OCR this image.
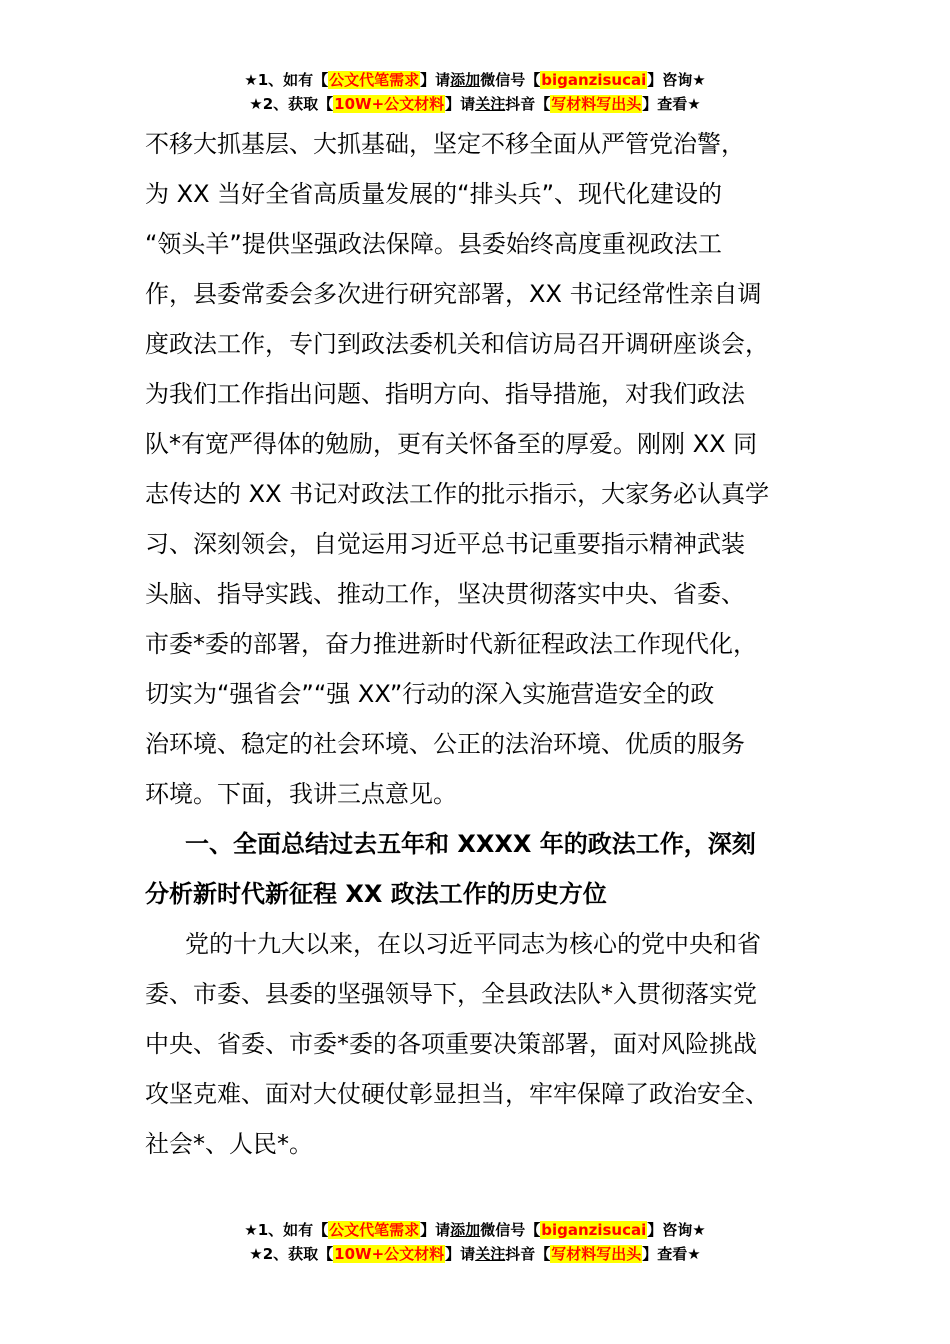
★1、如有【公文代笔需求】请添加微信号【biganzisucai】咨询★
★2、获取【10W+公文材料】请关注抖音【写材料写出头】查看★
不移大抓基层、大抓基础，坚定不移全面从严管党治警，
为 XX 当好全省高质量发展的“排头兵”、现代化建设的
“领头羊”提供坚强政法保障。县委始终高度重视政法工
作，县委常委会多次进行研究部署，XX 书记经常性亲自调
度政法工作，专门到政法委机关和信访局召开调研座谈会，
为我们工作指出问题、指明方向、指导措施，对我们政法
队*有宽严得体的勉励，更有关怀备至的厚爱。刚刚 XX 同
志传达的 XX 书记对政法工作的批示指示，大家务必认真学
习、深刻领会，自觉运用习近平总书记重要指示精神武装
头脑、指导实践、推动工作，坚决贯彻落实中央、省委、
市委*委的部署，奋力推进新时代新征程政法工作现代化，
切实为“强省会”“强 XX”行动的深入实施营造安全的政
治环境、稳定的社会环境、公正的法治环境、优质的服务
环境。下面，我讲三点意见。
一、全面总结过去五年和 XXXX 年的政法工作，深刻
分析新时代新征程 XX 政法工作的历史方位
党的十九大以来，在以习近平同志为核心的党中央和省
委、市委、县委的坚强领导下，全县政法队*入贯彻落实党
中央、省委、市委*委的各项重要决策部署，面对风险挑战
攻坚克难、面对大仗硬仗彰显担当，牢牢保障了政治安全、
社会*、人民*。
★1、如有【公文代笔需求】请添加微信号【biganzisucai】咨询★
★2、获取【10W+公文材料】请关注抖音【写材料写出头】查看★
